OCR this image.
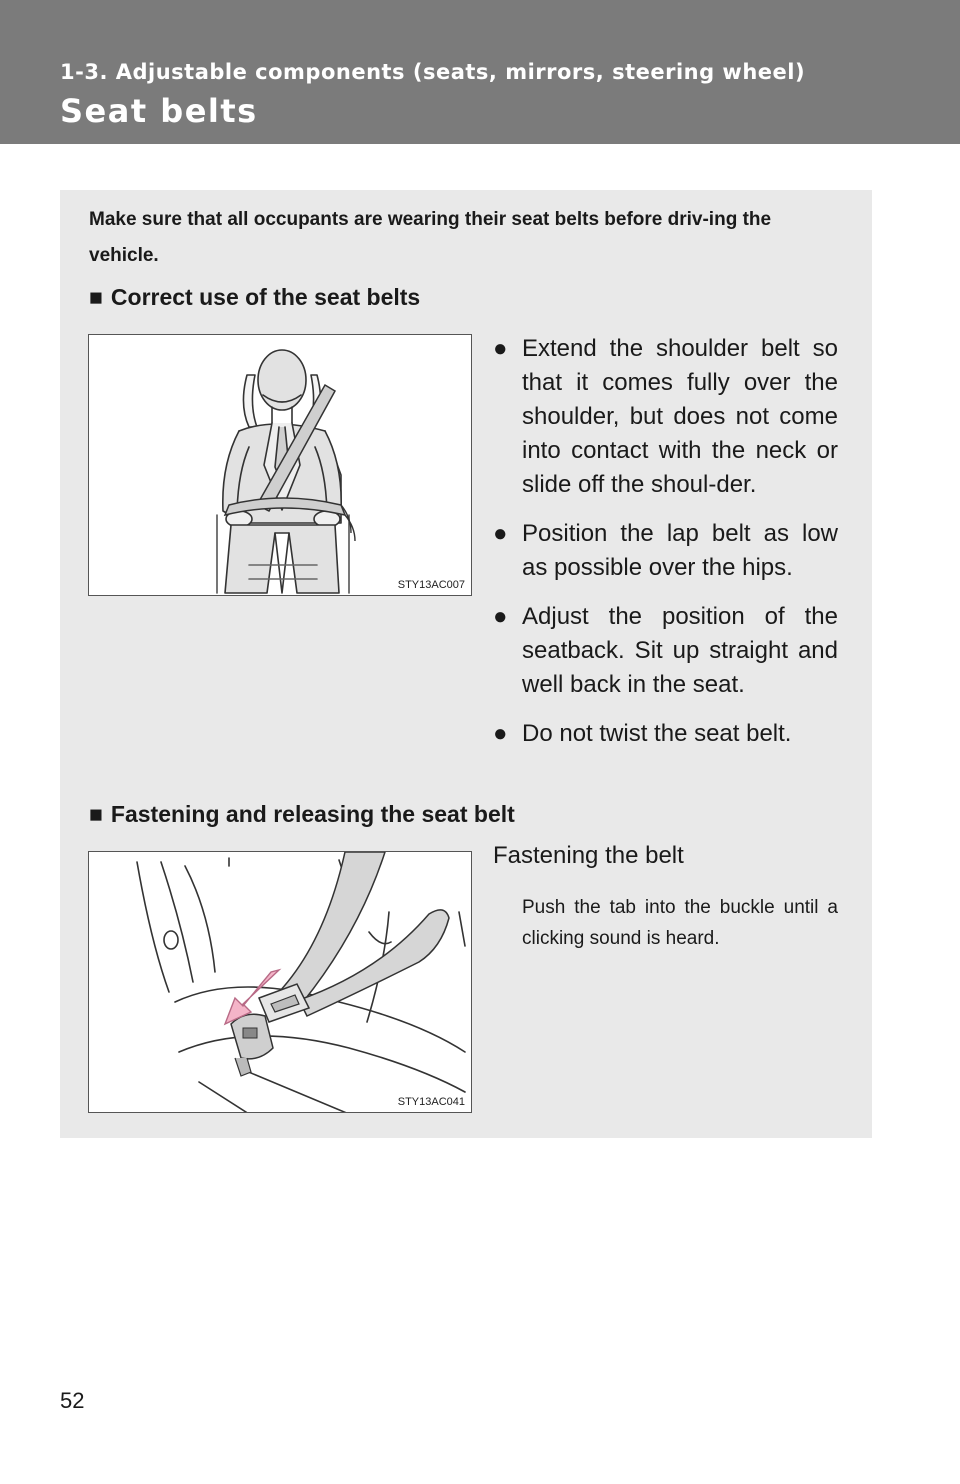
1-3. Adjustable components (seats, mirrors, steering wheel)
Seat belts
Make sure that all occupants are wearing their seat belts before driv-ing the vehicle.
■ Correct use of the seat belts
STY13AC007
● Extend the shoulder belt so that it comes fully over the shoulder, but does not come into contact with the neck or slide off the shoul-der.
● Position the lap belt as low as possible over the hips.
● Adjust the position of the seatback. Sit up straight and well back in the seat.
● Do not twist the seat belt.
■ Fastening and releasing the seat belt
STY13AC041
Fastening the belt
Push the tab into the buckle until a clicking sound is heard.
52
